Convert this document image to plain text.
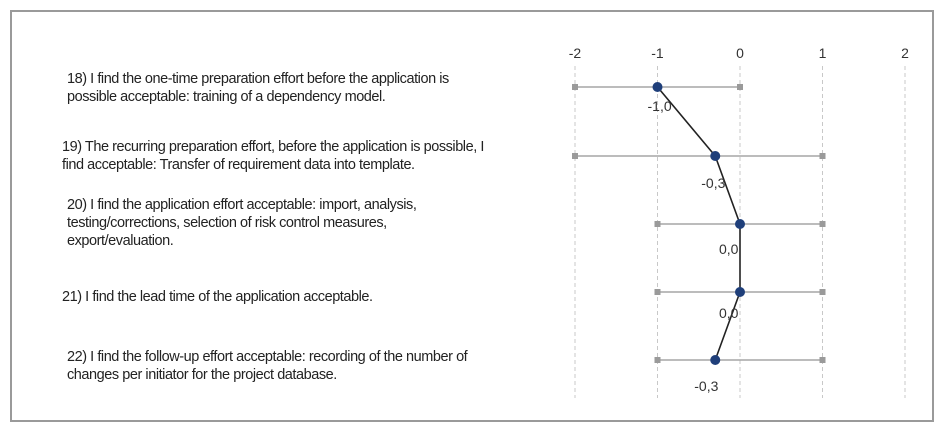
18) I find the one-time preparation effort before the application is
possible acceptable: training of a dependency model.
19) The recurring preparation effort, before the application is possible, I
find acceptable: Transfer of requirement data into template.
20) I find the application effort acceptable: import, analysis,
testing/corrections, selection of risk control measures,
export/evaluation.
21) I find the lead time of the application acceptable.
22) I find the follow-up effort acceptable: recording of the number of
changes per initiator for the project database.
-2	-1	0	1	2
-1,0
-0,3
0,0
0,0
-0,3
